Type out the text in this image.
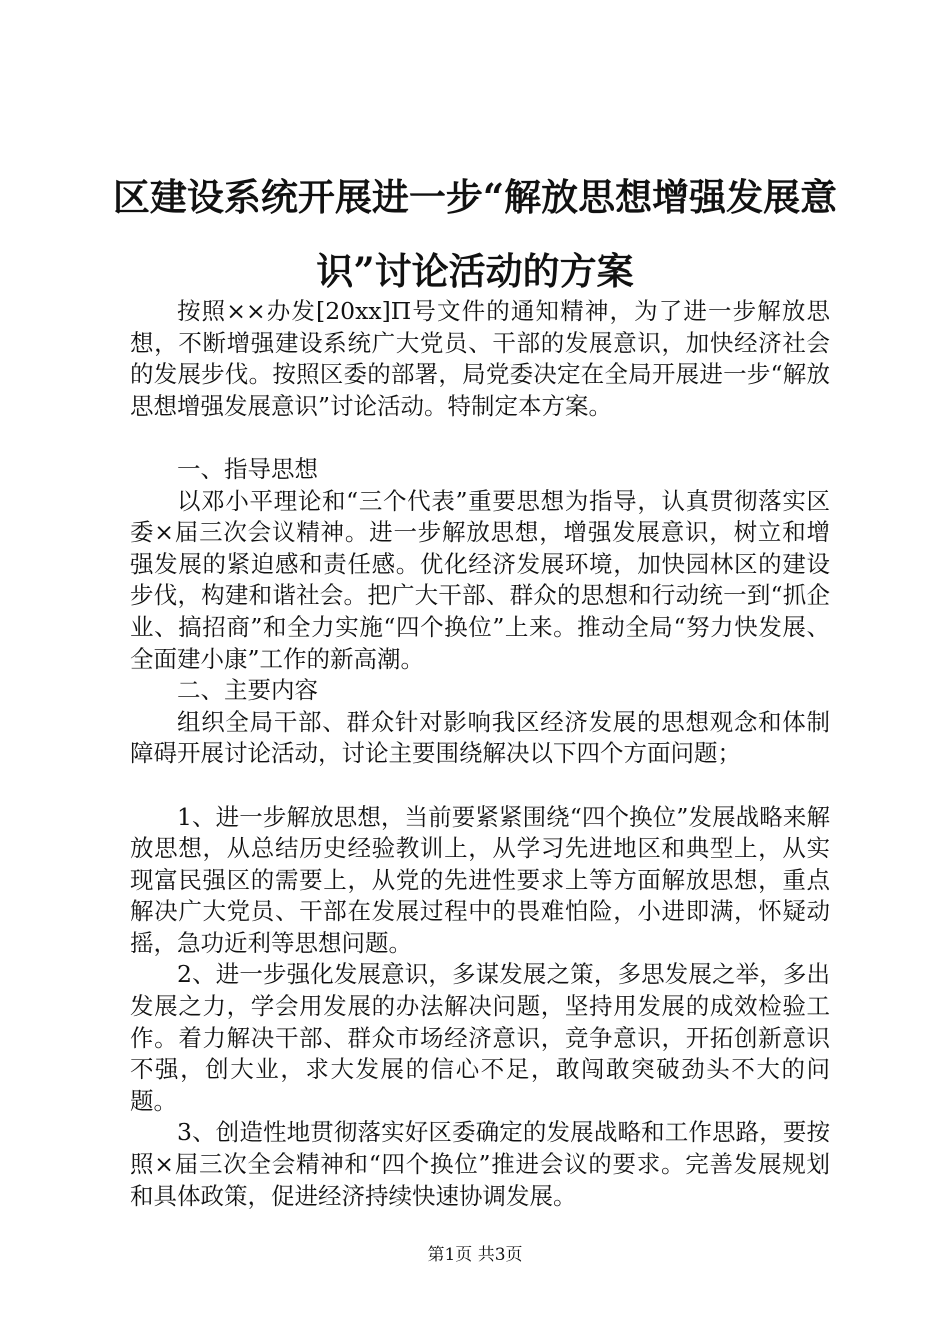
区建设系统开展进一步“解放思想增强发展意
识”讨论活动的方案

按照××办发[20xx]Π号文件的通知精神，为了进一步解放思想，不断增强建设系统广大党员、干部的发展意识，加快经济社会的发展步伐。按照区委的部署，局党委决定在全局开展进一步“解放思想增强发展意识”讨论活动。特制定本方案。

一、指导思想

以邓小平理论和“三个代表”重要思想为指导，认真贯彻落实区委×届三次会议精神。进一步解放思想，增强发展意识，树立和增强发展的紧迫感和责任感。优化经济发展环境，加快园林区的建设步伐，构建和谐社会。把广大干部、群众的思想和行动统一到“抓企业、搞招商”和全力实施“四个换位”上来。推动全局“努力快发展、全面建小康”工作的新高潮。

二、主要内容

组织全局干部、群众针对影响我区经济发展的思想观念和体制障碍开展讨论活动，讨论主要围绕解决以下四个方面问题；

1、进一步解放思想，当前要紧紧围绕“四个换位”发展战略来解放思想，从总结历史经验教训上，从学习先进地区和典型上，从实现富民强区的需要上，从党的先进性要求上等方面解放思想，重点解决广大党员、干部在发展过程中的畏难怕险，小进即满，怀疑动摇，急功近利等思想问题。

2、进一步强化发展意识，多谋发展之策，多思发展之举，多出发展之力，学会用发展的办法解决问题，坚持用发展的成效检验工作。着力解决干部、群众市场经济意识，竞争意识，开拓创新意识不强，创大业，求大发展的信心不足，敢闯敢突破劲头不大的问题。

3、创造性地贯彻落实好区委确定的发展战略和工作思路，要按照×届三次全会精神和“四个换位”推进会议的要求。完善发展规划和具体政策，促进经济持续快速协调发展。

第1页 共3页
